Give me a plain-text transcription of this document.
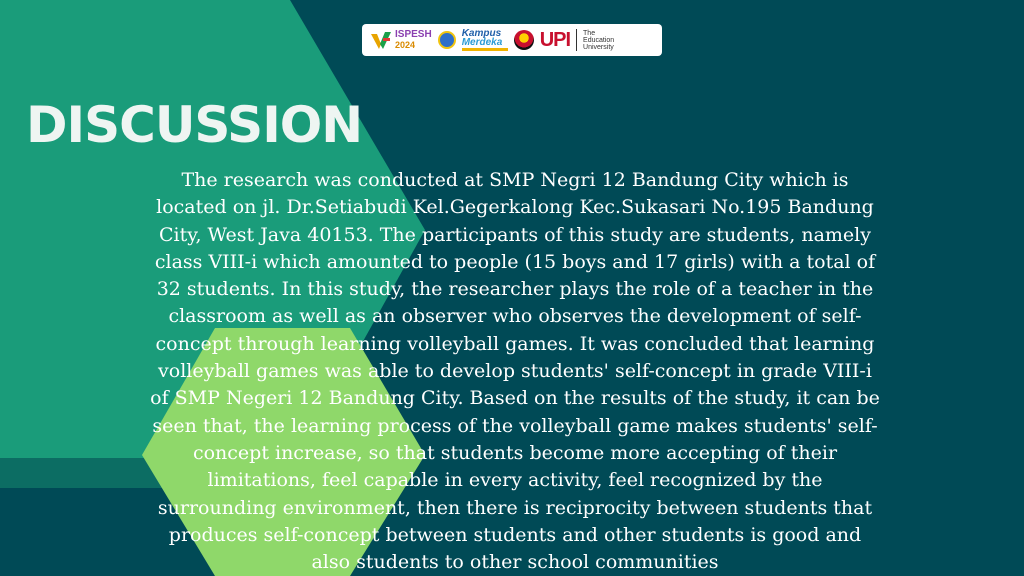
ISPESH
2024
Kampus
Merdeka UPI The
Education
University
DISCUSSION

The research was conducted at SMP Negri 12 Bandung City which is located on jl. Dr.Setiabudi Kel.Gegerkalong Kec.Sukasari No.195 Bandung City, West Java 40153. The participants of this study are students, namely class VIII-i which amounted to people (15 boys and 17 girls) with a total of 32 students. In this study, the researcher plays the role of a teacher in the classroom as well as an observer who observes the development of self-concept through learning volleyball games. It was concluded that learning volleyball games was able to develop students' self-concept in grade VIII-i of SMP Negeri 12 Bandung City. Based on the results of the study, it can be seen that, the learning process of the volleyball game makes students' self-concept increase, so that students become more accepting of their limitations, feel capable in every activity, feel recognized by the surrounding environment, then there is reciprocity between students that produces self-concept between students and other students is good and also students to other school communities
